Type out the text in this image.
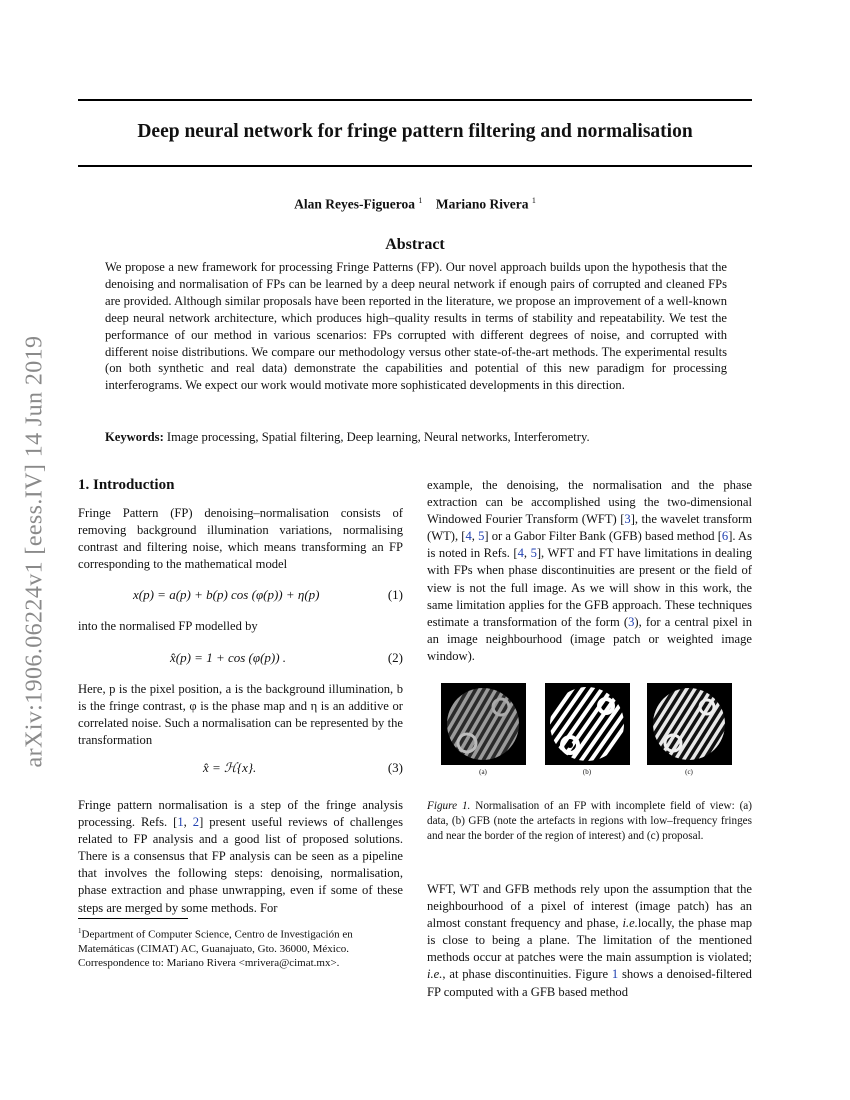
arXiv:1906.06224v1 [eess.IV] 14 Jun 2019
Deep neural network for fringe pattern filtering and normalisation
Alan Reyes-Figueroa $^1$ Mariano Rivera $^1$
Abstract
We propose a new framework for processing Fringe Patterns (FP). Our novel approach builds upon the hypothesis that the denoising and normalisation of FPs can be learned by a deep neural network if enough pairs of corrupted and cleaned FPs are provided. Although similar proposals have been reported in the literature, we propose an improvement of a well-known deep neural network architecture, which produces high–quality results in terms of stability and repeatability. We test the performance of our method in various scenarios: FPs corrupted with different degrees of noise, and corrupted with different noise distributions. We compare our methodology versus other state-of-the-art methods. The experimental results (on both synthetic and real data) demonstrate the capabilities and potential of this new paradigm for processing interferograms. We expect our work would motivate more sophisticated developments in this direction.
Keywords: Image processing, Spatial filtering, Deep learning, Neural networks, Interferometry.
1. Introduction
Fringe Pattern (FP) denoising–normalisation consists of removing background illumination variations, normalising contrast and filtering noise, which means transforming an FP corresponding to the mathematical model
x(p) = a(p) + b(p) cos (φ(p)) + η(p)	(1)
into the normalised FP modelled by
x̂(p) = 1 + cos (φ(p)) .	(2)
Here, p is the pixel position, a is the background illumination, b is the fringe contrast, φ is the phase map and η is an additive or correlated noise. Such a normalisation can be represented by the transformation
x̂ = ℋ{x}.	(3)
Fringe pattern normalisation is a step of the fringe analysis processing. Refs. [1, 2] present useful reviews of challenges related to FP analysis and a good list of proposed solutions. There is a consensus that FP analysis can be seen as a pipeline that involves the following steps: denoising, normalisation, phase extraction and phase unwrapping, even if some of these steps are merged by some methods. For
$^1$Department of Computer Science, Centro de Investigación en Matemáticas (CIMAT) AC, Guanajuato, Gto. 36000, México. Correspondence to: Mariano Rivera <mrivera@cimat.mx>.
example, the denoising, the normalisation and the phase extraction can be accomplished using the two-dimensional Windowed Fourier Transform (WFT) [3], the wavelet transform (WT), [4, 5] or a Gabor Filter Bank (GFB) based method [6]. As is noted in Refs. [4, 5], WFT and FT have limitations in dealing with FPs when phase discontinuities are present or the field of view is not the full image. As we will show in this work, the same limitation applies for the GFB approach. These techniques estimate a transformation of the form (3), for a central pixel in an image neighbourhood (image patch or weighted image window).
(a)	(b)	(c)
Figure 1. Normalisation of an FP with incomplete field of view: (a) data, (b) GFB (note the artefacts in regions with low–frequency fringes and near the border of the region of interest) and (c) proposal.
WFT, WT and GFB methods rely upon the assumption that the neighbourhood of a pixel of interest (image patch) has an almost constant frequency and phase, i.e.locally, the phase map is close to being a plane. The limitation of the mentioned methods occur at patches were the main assumption is violated; i.e., at phase discontinuities. Figure 1 shows a denoised-filtered FP computed with a GFB based method
